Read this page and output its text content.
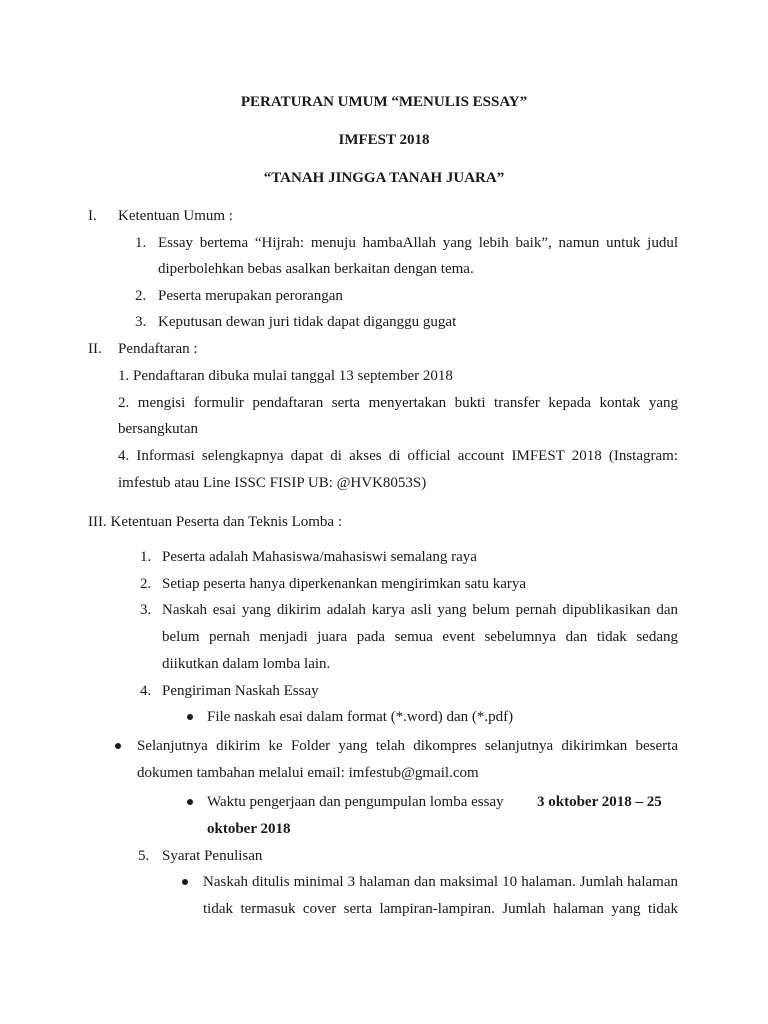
PERATURAN UMUM “MENULIS ESSAY”
IMFEST 2018
“TANAH JINGGA TANAH JUARA”
I. Ketentuan Umum :
1. Essay bertema “Hijrah: menuju hambaAllah yang lebih baik”, namun untuk judul
diperbolehkan bebas asalkan berkaitan dengan tema.
2. Peserta merupakan perorangan
3. Keputusan dewan juri tidak dapat diganggu gugat
II. Pendaftaran :
1. Pendaftaran dibuka mulai tanggal 13 september 2018
2. mengisi formulir pendaftaran serta menyertakan bukti transfer kepada kontak yang
bersangkutan
4. Informasi selengkapnya dapat di akses di official account IMFEST 2018 (Instagram:
imfestub atau Line ISSC FISIP UB: @HVK8053S)
III. Ketentuan Peserta dan Teknis Lomba :
1. Peserta adalah Mahasiswa/mahasiswi semalang raya
2. Setiap peserta hanya diperkenankan mengirimkan satu karya
3. Naskah esai yang dikirim adalah karya asli yang belum pernah dipublikasikan dan
belum pernah menjadi juara pada semua event sebelumnya dan tidak sedang
diikutkan dalam lomba lain.
4. Pengiriman Naskah Essay
File naskah esai dalam format (*.word) dan (*.pdf)
Selanjutnya dikirim ke Folder yang telah dikompres selanjutnya dikirimkan beserta
dokumen tambahan melalui email: imfestub@gmail.com
Waktu pengerjaan dan pengumpulan lomba essay 3 oktober 2018 – 25
oktober 2018
5. Syarat Penulisan
Naskah ditulis minimal 3 halaman dan maksimal 10 halaman. Jumlah halaman
tidak termasuk cover serta lampiran-lampiran. Jumlah halaman yang tidak
